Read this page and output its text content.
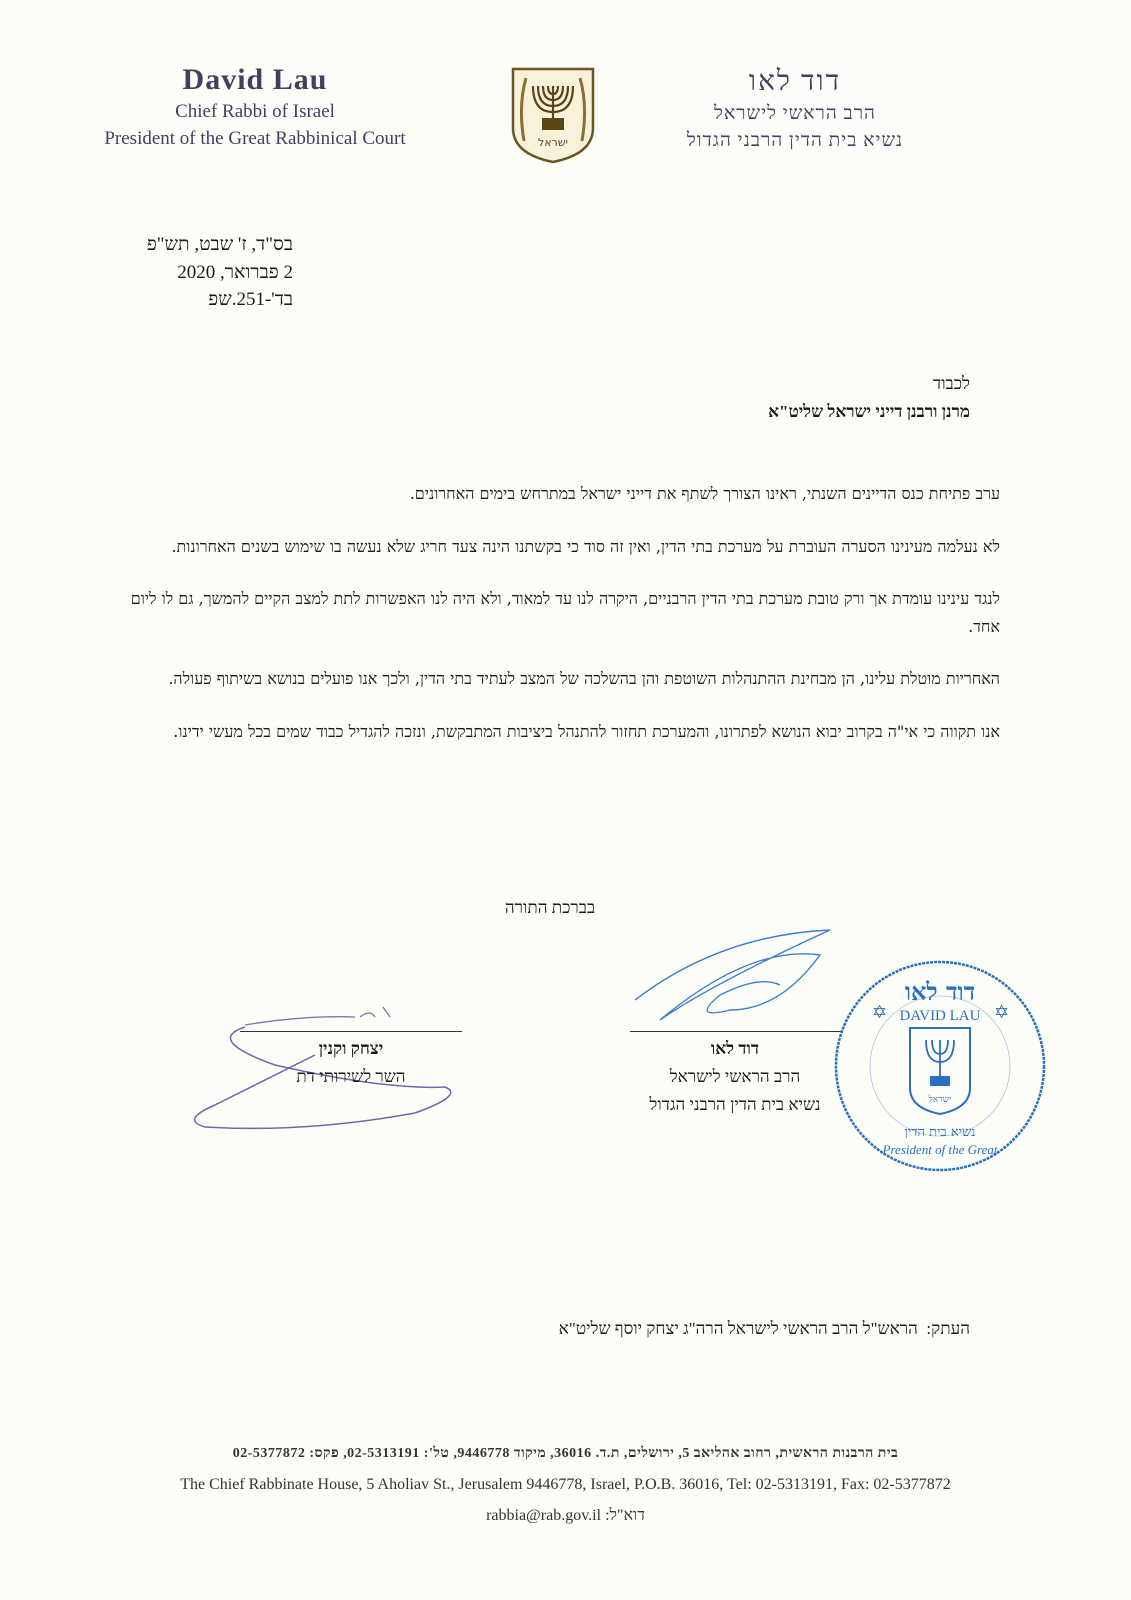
David Lau
Chief Rabbi of Israel
President of the Great Rabbinical Court	ישראל
דוד לאו
הרב הראשי לישראל
נשיא בית הדין הרבני הגדול
בס"ד, ז' שבט, תש"פ
2 פברואר, 2020
בד'-251.שפ
לכבוד
מרנן ורבנן דייני ישראל שליט"א

ערב פתיחת כנס הדיינים השנתי, ראינו הצורך לשתף את דייני ישראל במתרחש בימים האחרונים.

לא נעלמה מעינינו הסערה העוברת על מערכת בתי הדין, ואין זה סוד כי בקשתנו הינה צעד חריג שלא נעשה בו שימוש בשנים האחרונות.

לנגד עינינו עומדת אך ורק טובת מערכת בתי הדין הרבניים, היקרה לנו עד למאוד, ולא היה לנו האפשרות לתת למצב הקיים להמשך, גם לו ליום אחד.

האחריות מוטלת עלינו, הן מבחינת ההתנהלות השוטפת והן בהשלכה של המצב לעתיד בתי הדין, ולכך אנו פועלים בנושא בשיתוף פעולה.

אנו תקווה כי אי"ה בקרוב יבוא הנושא לפתרונו, והמערכת תחזור להתנהל ביציבות המתבקשת, ונזכה להגדיל כבוד שמים בכל מעשי ידינו.

בברכת התורה
יצחק וקנין
השר לשירותי דת
דוד לאו
הרב הראשי לישראל
נשיא בית הדין הרבני הגדול
דוד לאו
DAVID LAU
✡	✡
ישראל
President of the Great
נשיא בית הדין
העתק:  הראש"ל הרב הראשי לישראל הרה"ג יצחק יוסף שליט"א
בית הרבנות הראשית, רחוב אהליאב 5, ירושלים, ת.ד. 36016, מיקוד 9446778, טל': 02-5313191, פקס: 02-5377872
The Chief Rabbinate House, 5 Aholiav St., Jerusalem 9446778, Israel, P.O.B. 36016, Tel: 02-5313191, Fax: 02-5377872
דוא"ל: rabbia@rab.gov.il
